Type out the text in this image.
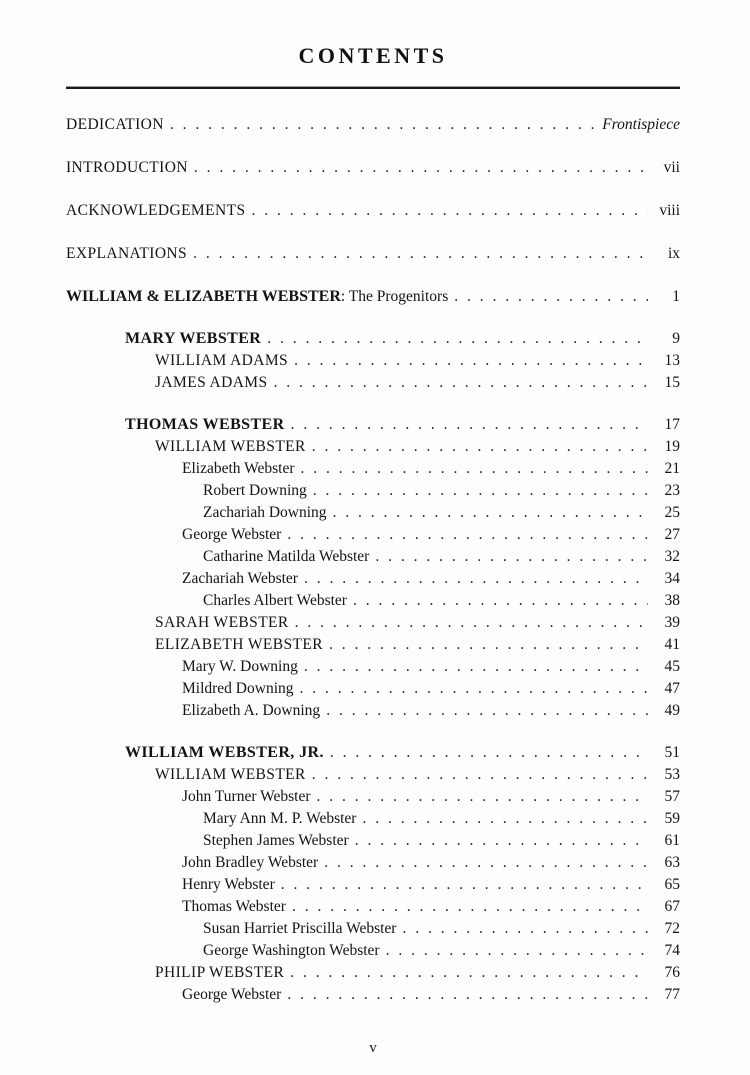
CONTENTS
DEDICATION . . .	Frontispiece
INTRODUCTION . . .	vii
ACKNOWLEDGEMENTS . . .	viii
EXPLANATIONS . . .	ix
WILLIAM & ELIZABETH WEBSTER: The Progenitors . . .	1
MARY WEBSTER . . .	9
WILLIAM ADAMS . . .	13
JAMES ADAMS . . .	15
THOMAS WEBSTER . . .	17
WILLIAM WEBSTER . . .	19
Elizabeth Webster . . .	21
Robert Downing . . .	23
Zachariah Downing . . .	25
George Webster . . .	27
Catharine Matilda Webster . . .	32
Zachariah Webster . . .	34
Charles Albert Webster . . .	38
SARAH WEBSTER . . .	39
ELIZABETH WEBSTER . . .	41
Mary W. Downing . . .	45
Mildred Downing . . .	47
Elizabeth A. Downing . . .	49
WILLIAM WEBSTER, JR. . . .	51
WILLIAM WEBSTER . . .	53
John Turner Webster . . .	57
Mary Ann M. P. Webster . . .	59
Stephen James Webster . . .	61
John Bradley Webster . . .	63
Henry Webster . . .	65
Thomas Webster . . .	67
Susan Harriet Priscilla Webster . . .	72
George Washington Webster . . .	74
PHILIP WEBSTER . . .	76
George Webster . . .	77
v
